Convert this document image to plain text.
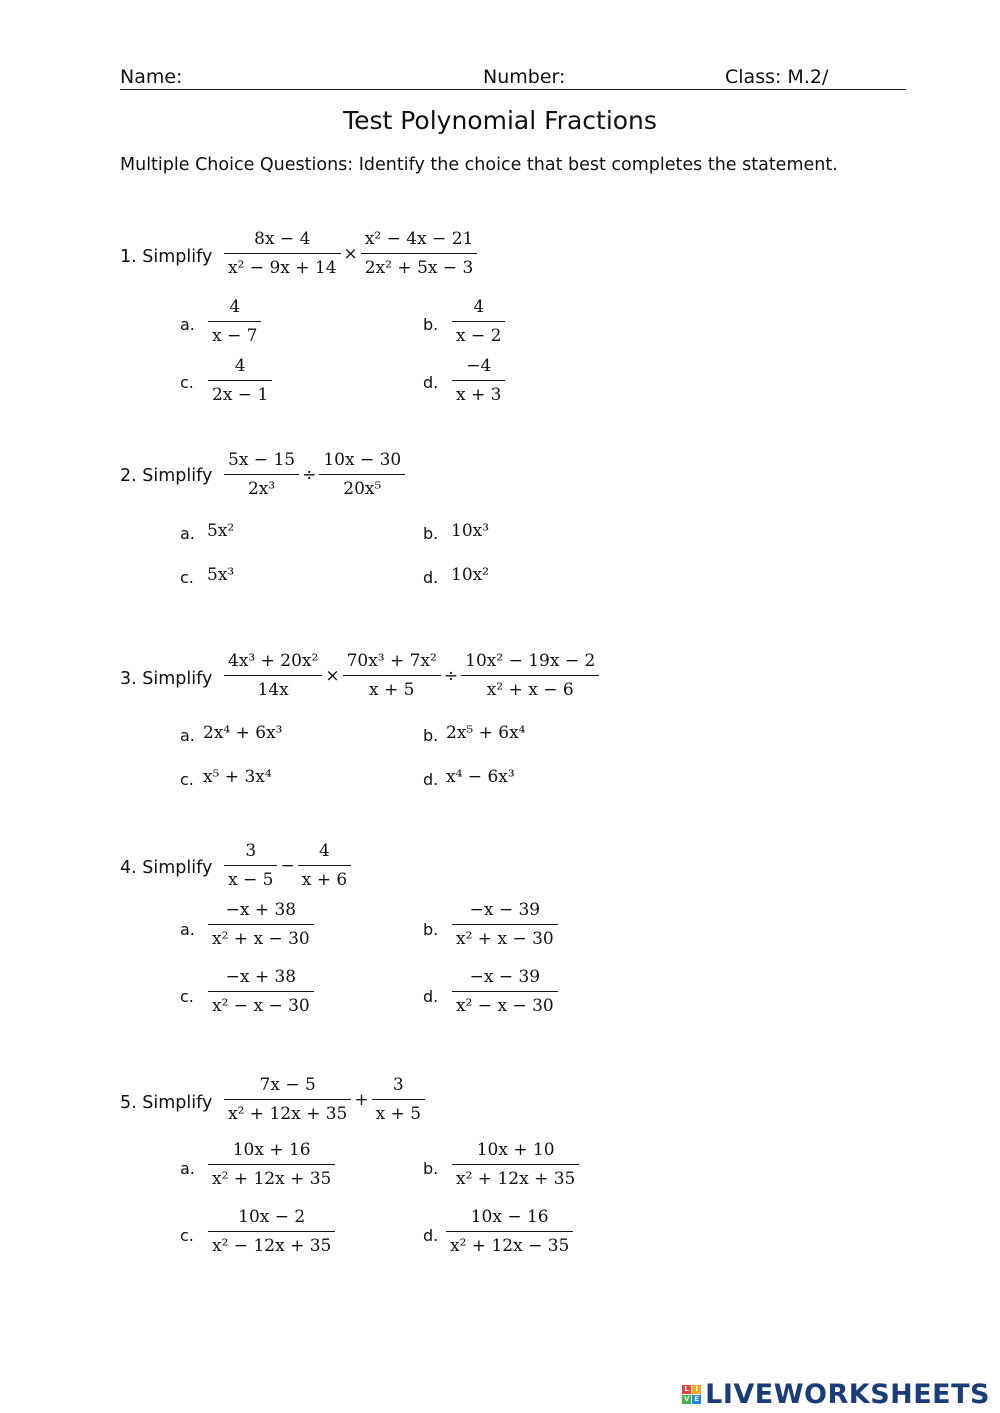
Name:	Number:	Class: M.2/
Test Polynomial Fractions
Multiple Choice Questions: Identify the choice that best completes the statement.
1. Simplify $\frac{8x - 4}{\text{x² − 9x + 14}} \times \frac{\text{x² − 4x − 21}}{\text{2x² + 5x − 3}}$
a. $\frac{4}{x - 7}$	b. $\frac{4}{x - 2}$
c. $\frac{4}{2x - 1}$	d. $\frac{-4}{x + 3}$
2. Simplify $\frac{5x - 15}{\text{2x³}} \div \frac{10x - 30}{\text{20x⁵}}$
a. 5x²	b. 10x³
c. 5x³	d. 10x²
3. Simplify $\frac{\text{4x³ + 20x²}}{14x} \times \frac{\text{70x³ + 7x²}}{x + 5} \div \frac{\text{10x² − 19x − 2}}{\text{x² + x − 6}}$
a. 2x⁴ + 6x³	b. 2x⁵ + 6x⁴
c. x⁵ + 3x⁴	d. x⁴ − 6x³
4. Simplify $\frac{3}{x - 5} - \frac{4}{x + 6}$
a. $\frac{-x + 38}{\text{x² + x − 30}}$	b. $\frac{-x - 39}{\text{x² + x − 30}}$
c. $\frac{-x + 38}{\text{x² − x − 30}}$	d. $\frac{-x - 39}{\text{x² − x − 30}}$
5. Simplify $\frac{7x - 5}{\text{x² + 12x + 35}} + \frac{3}{x + 5}$
a. $\frac{10x + 16}{\text{x² + 12x + 35}}$	b. $\frac{10x + 10}{\text{x² + 12x + 35}}$
c. $\frac{10x - 2}{\text{x² − 12x + 35}}$	d. $\frac{10x - 16}{\text{x² + 12x − 35}}$
L I
V E LIVEWORKSHEETS
